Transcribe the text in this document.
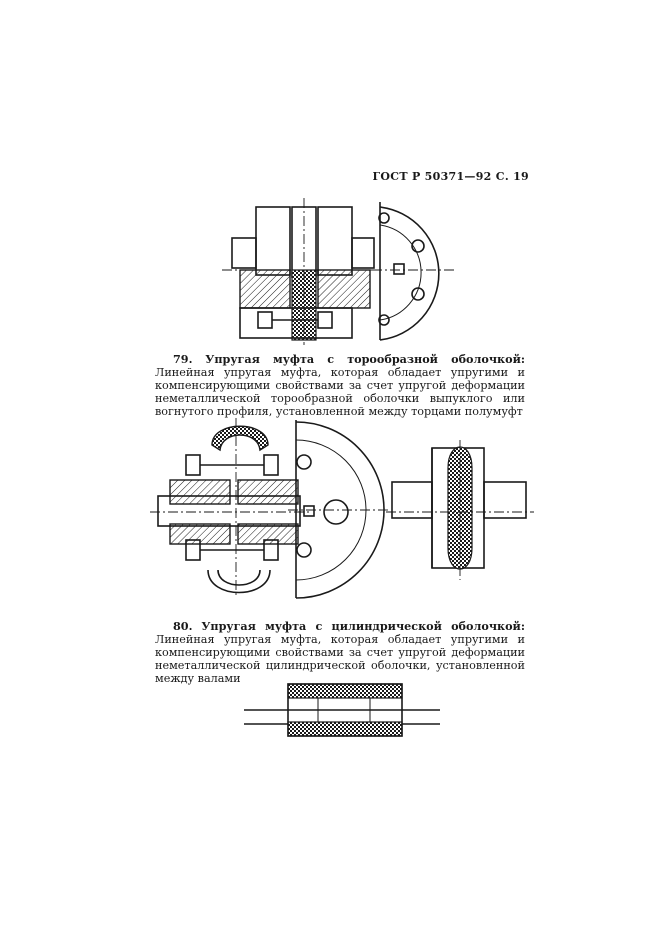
ГОСТ Р 50371—92 С. 19
79. Упругая муфта с торообразной оболочкой: Линейная упругая муфта, которая обладает упругими и компенсирующими свойствами за счет упругой деформации неметаллической торообразной оболочки выпуклого или вогнутого профиля, установленной между торцами полумуфт
80. Упругая муфта с цилиндрической оболочкой: Линейная упругая муфта, которая обладает упругими и компенсирующими свойствами за счет упругой деформации неметаллической цилиндрической оболочки, установленной между валами
